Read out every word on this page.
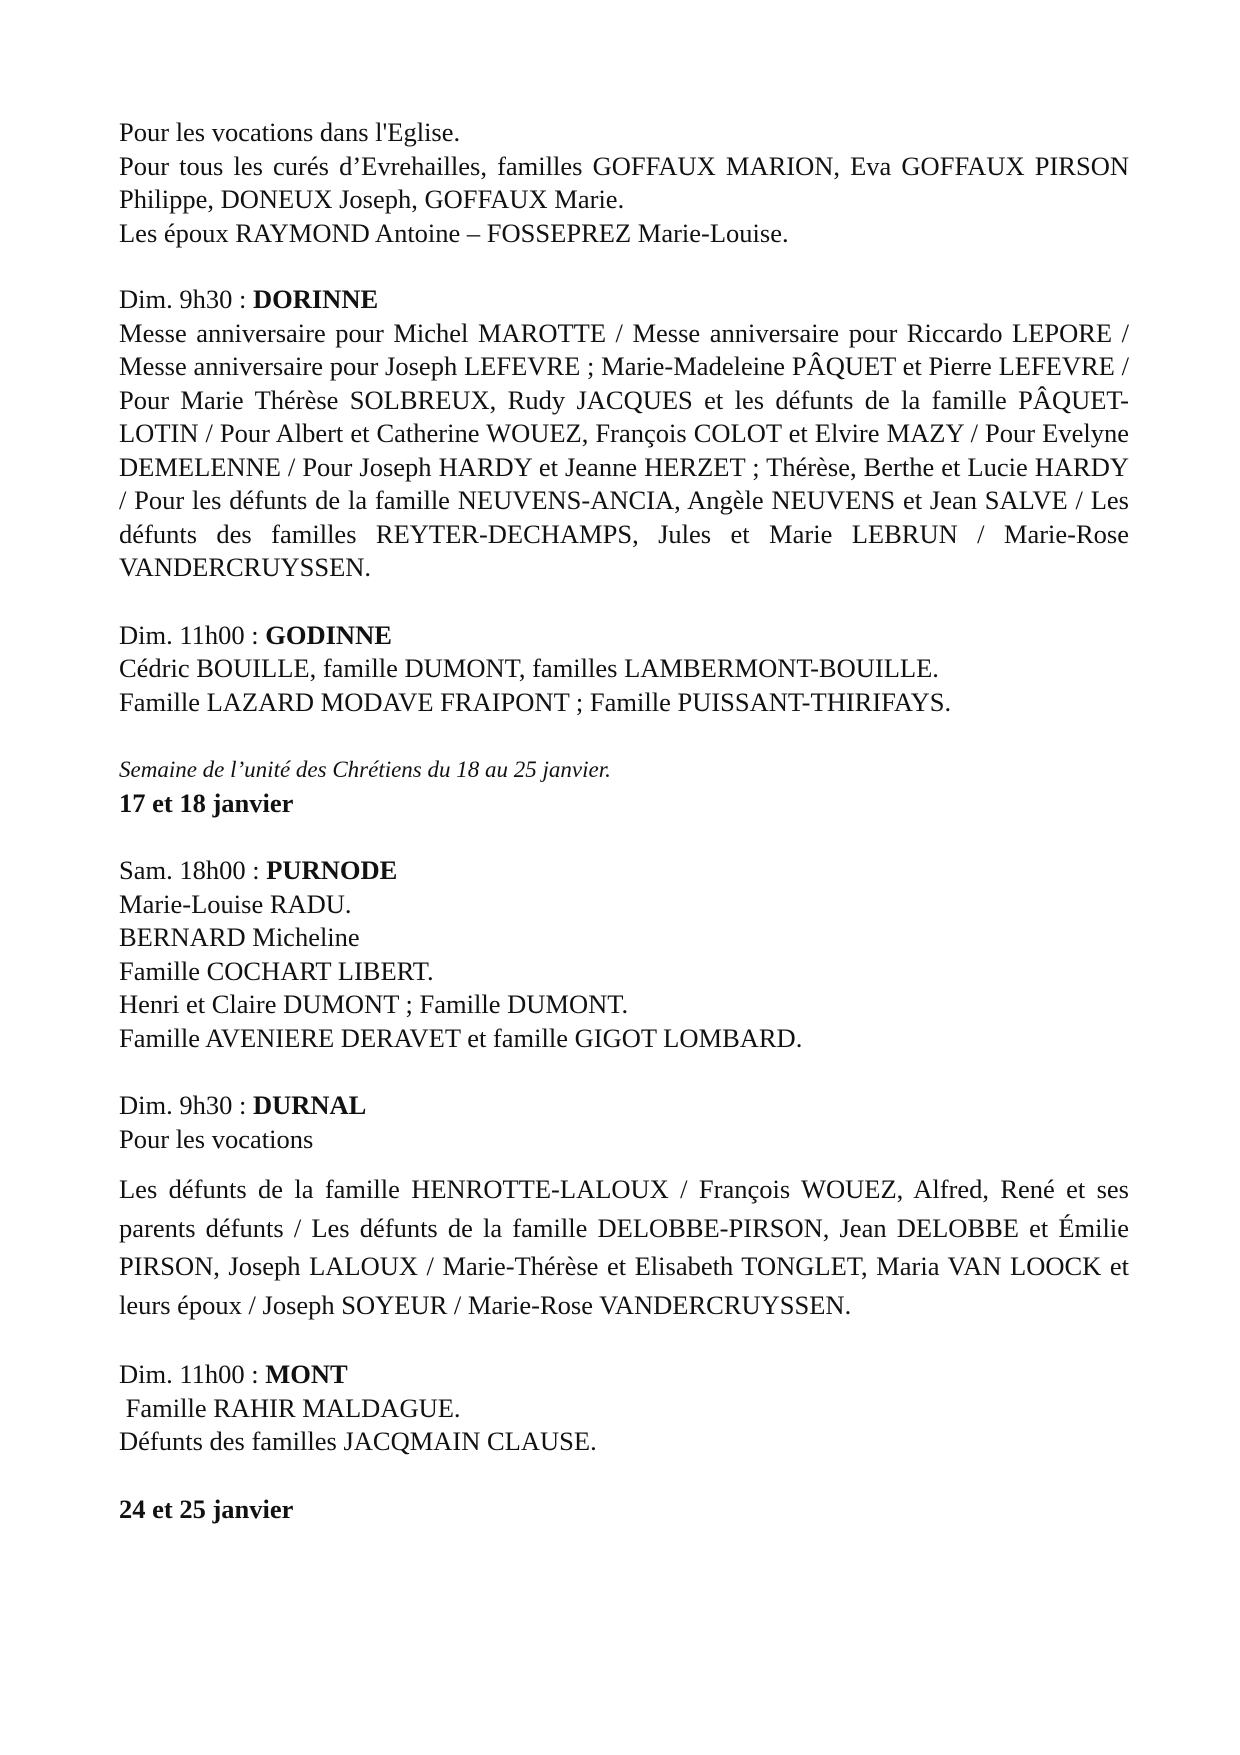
Pour les vocations dans l'Eglise.

Pour tous les curés d’Evrehailles, familles GOFFAUX MARION, Eva GOFFAUX PIRSON Philippe, DONEUX Joseph, GOFFAUX Marie.

Les époux RAYMOND Antoine – FOSSEPREZ Marie-Louise.
Dim. 9h30 : DORINNE

Messe anniversaire pour Michel MAROTTE / Messe anniversaire pour Riccardo LEPORE / Messe anniversaire pour Joseph LEFEVRE ; Marie-Madeleine PÂQUET et Pierre LEFEVRE / Pour Marie Thérèse SOLBREUX, Rudy JACQUES et les défunts de la famille PÂQUET-LOTIN / Pour Albert et Catherine WOUEZ, François COLOT et Elvire MAZY / Pour Evelyne DEMELENNE / Pour Joseph HARDY et Jeanne HERZET ; Thérèse, Berthe et Lucie HARDY / Pour les défunts de la famille NEUVENS-ANCIA, Angèle NEUVENS et Jean SALVE / Les défunts des familles REYTER-DECHAMPS, Jules et Marie LEBRUN / Marie-Rose VANDERCRUYSSEN.

Dim. 11h00 : GODINNE
Cédric BOUILLE, famille DUMONT, familles LAMBERMONT-BOUILLE.
Famille LAZARD MODAVE FRAIPONT ; Famille PUISSANT-THIRIFAYS.
Semaine de l’unité des Chrétiens du 18 au 25 janvier.
17 et 18 janvier
Sam. 18h00 : PURNODE
Marie-Louise RADU.
BERNARD Micheline
Famille COCHART LIBERT.
Henri et Claire DUMONT ; Famille DUMONT.
Famille AVENIERE DERAVET et famille GIGOT LOMBARD.
Dim. 9h30 : DURNAL
Pour les vocations

Les défunts de la famille HENROTTE-LALOUX / François WOUEZ, Alfred, René et ses parents défunts / Les défunts de la famille DELOBBE-PIRSON, Jean DELOBBE et Émilie PIRSON, Joseph LALOUX / Marie-Thérèse et Elisabeth TONGLET, Maria VAN LOOCK et leurs époux / Joseph SOYEUR / Marie-Rose VANDERCRUYSSEN.

Dim. 11h00 : MONT
Famille RAHIR MALDAGUE.
Défunts des familles JACQMAIN CLAUSE.
24 et 25 janvier
